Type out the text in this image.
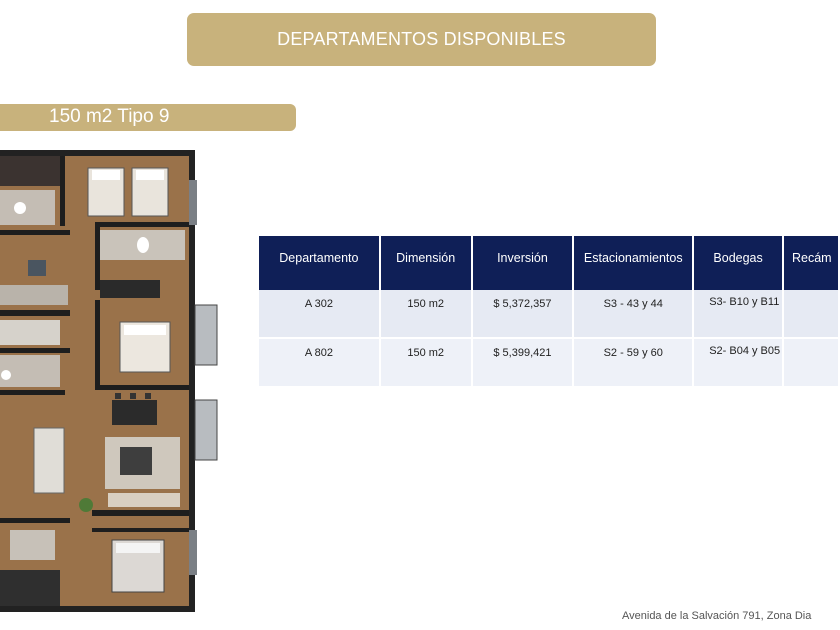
DEPARTAMENTOS DISPONIBLES
150 m2 Tipo 9
Departamento	Dimensión	Inversión	Estacionamientos	Bodegas	Recám
A 302	150 m2	$ 5,372,357	S3 - 43 y 44	S3- B10 y B11	
A 802	150 m2	$ 5,399,421	S2 - 59 y 60	S2- B04 y B05	
Avenida de la Salvación 791, Zona Dia
